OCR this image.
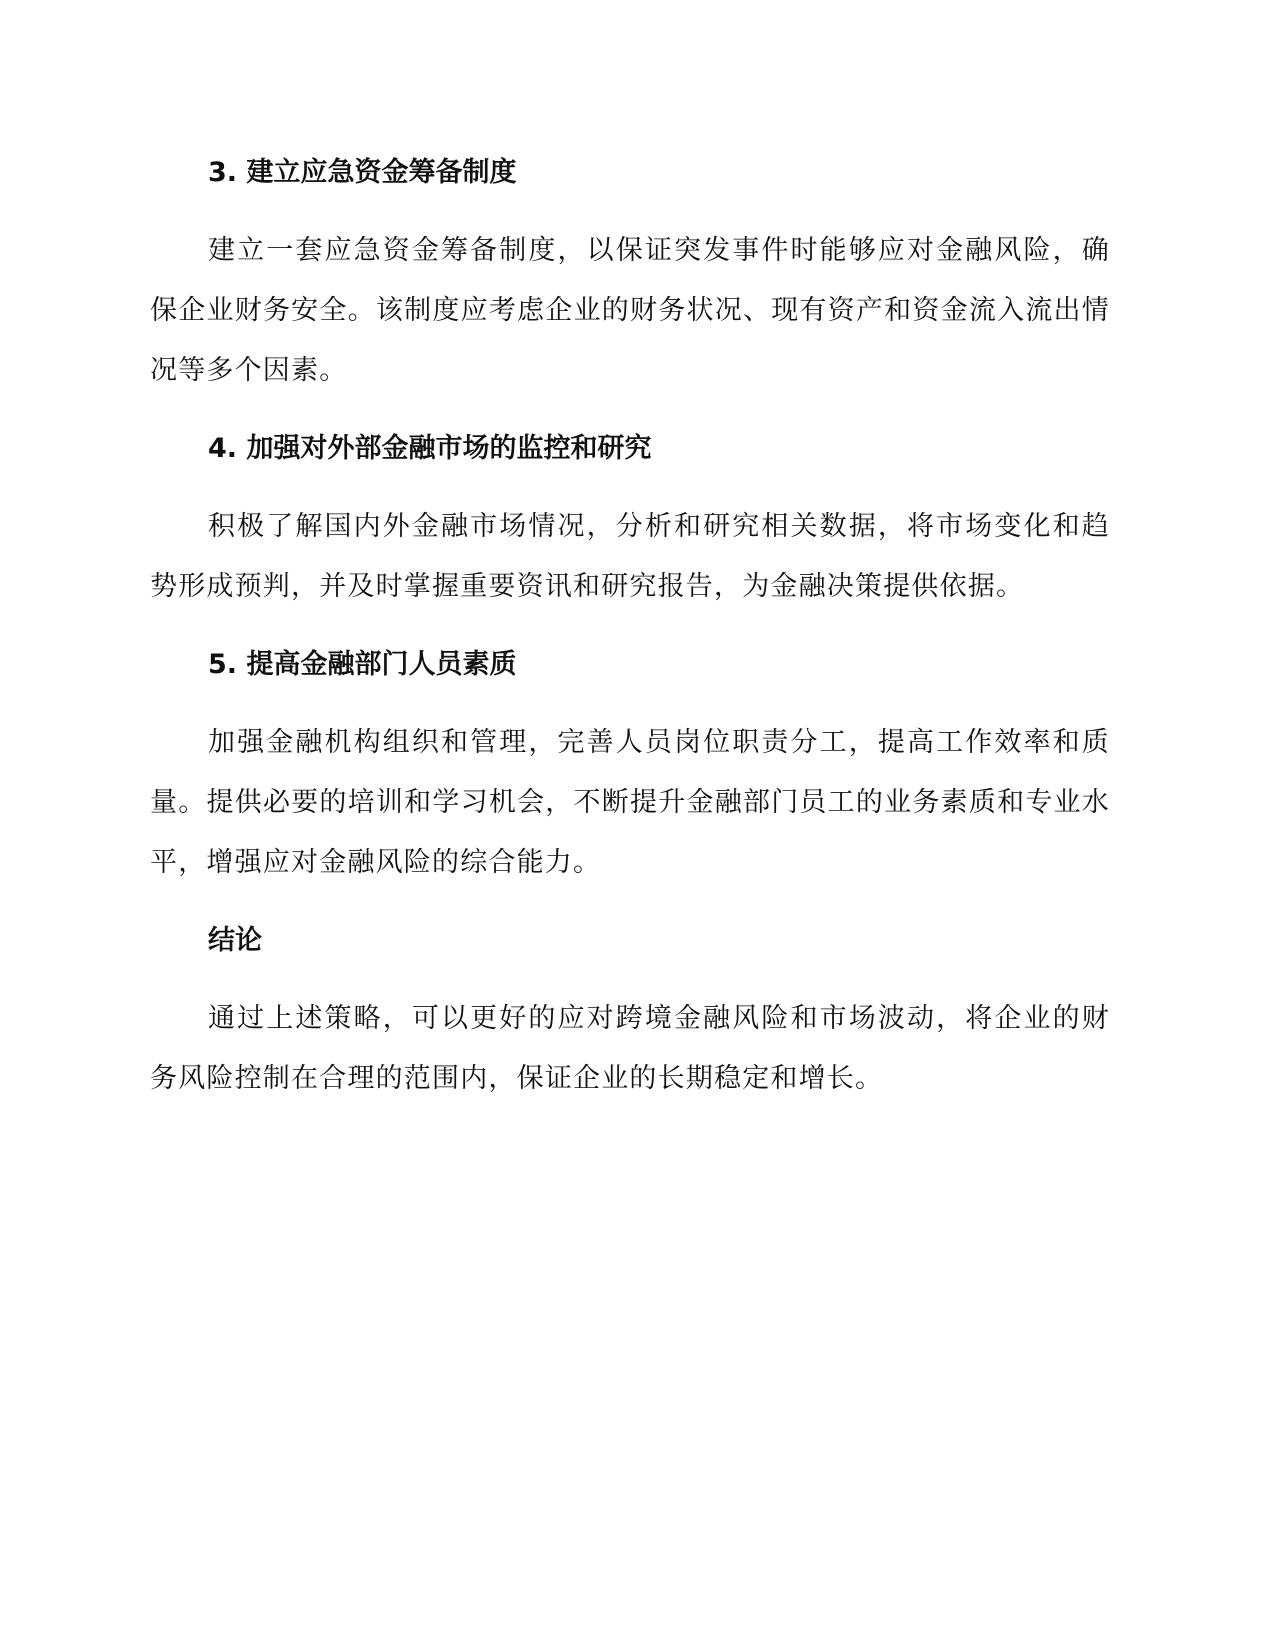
3. 建立应急资金筹备制度
建立一套应急资金筹备制度，以保证突发事件时能够应对金融风险，确保企业财务安全。该制度应考虑企业的财务状况、现有资产和资金流入流出情况等多个因素。
4. 加强对外部金融市场的监控和研究
积极了解国内外金融市场情况，分析和研究相关数据，将市场变化和趋势形成预判，并及时掌握重要资讯和研究报告，为金融决策提供依据。
5. 提高金融部门人员素质
加强金融机构组织和管理，完善人员岗位职责分工，提高工作效率和质量。提供必要的培训和学习机会，不断提升金融部门员工的业务素质和专业水平，增强应对金融风险的综合能力。
结论
通过上述策略，可以更好的应对跨境金融风险和市场波动，将企业的财务风险控制在合理的范围内，保证企业的长期稳定和增长。
